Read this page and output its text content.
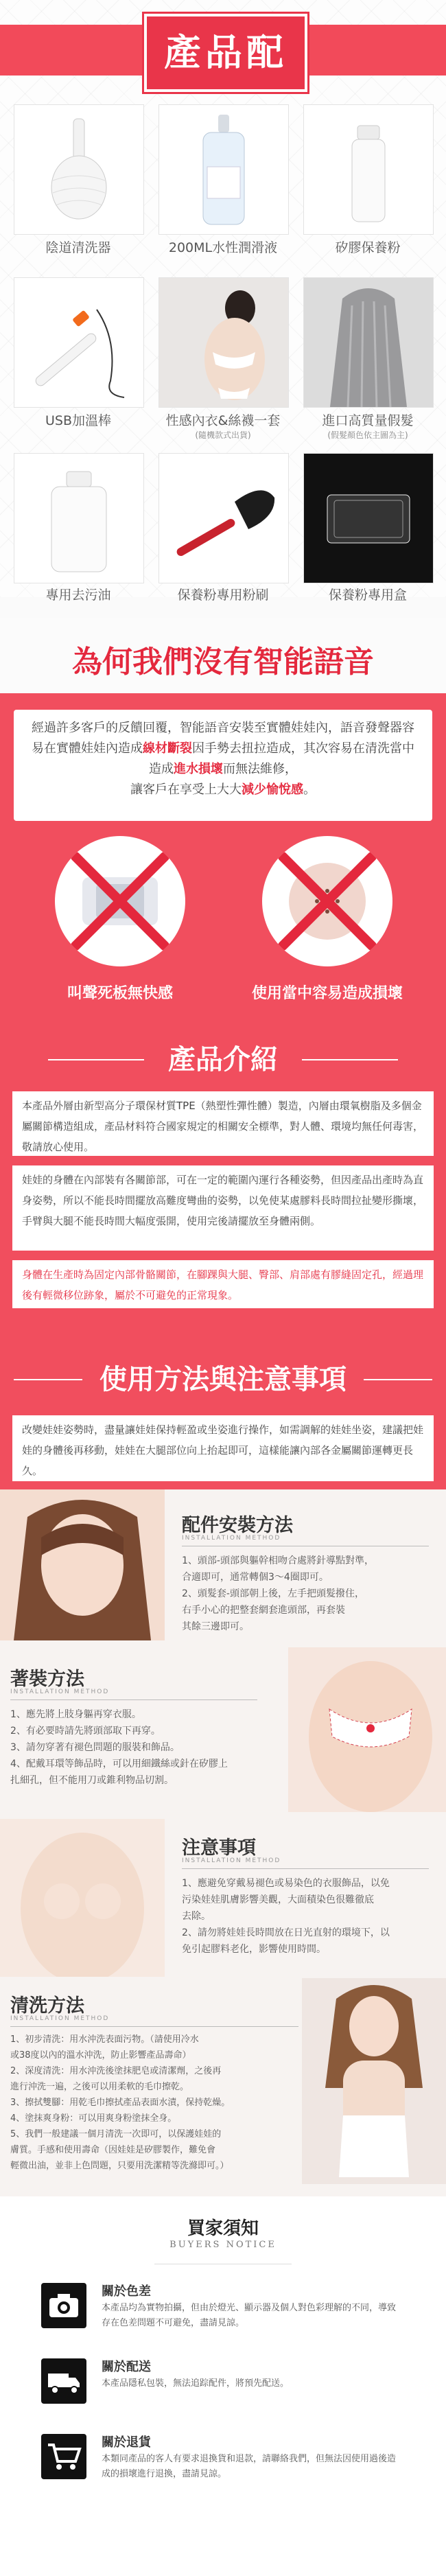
產品配
陰道清洗器	200ML水性潤滑液	矽膠保養粉
USB加溫棒	性感內衣&絲襪一套
(隨機款式出貨)
進口高質量假髮
(假髮顏色依主圖為主)
專用去污油	保養粉專用粉刷	保養粉專用盒
為何我們沒有智能語音

經過許多客戶的反饋回覆，智能語音安裝至實體娃娃內，語音發聲器容易在實體娃娃內造成線材斷裂因手勢去扭拉造成，其次容易在清洗當中造成進水損壞而無法維修，

讓客戶在享受上大大減少愉悅感。

叫聲死板無快感	使用當中容易造成損壞
產品介紹

本產品外層由新型高分子環保材質TPE（熱塑性彈性體）製造，內層由環氧樹脂及多個金屬關節構造組成，產品材料符合國家規定的相關安全標準，對人體、環境均無任何毒害，敬請放心使用。

娃娃的身體在內部裝有各關節部，可在一定的範圍內運行各種姿勢，但因產品出產時為直身姿勢，所以不能長時間擺放高難度彎曲的姿勢，以免使某處膠料長時間拉扯變形撕壞，手臂與大腿不能長時間大幅度張開，使用完後請擺放至身體兩側。

身體在生產時為固定內部骨骼關節，在腳踝與大腿、臀部、肩部處有膠縫固定孔，經過理後有輕微移位跡象，屬於不可避免的正常現象。

使用方法與注意事項

改變娃娃姿勢時，盡量讓娃娃保持輕盈或坐姿進行操作，如需調解的娃娃坐姿，建議把娃娃的身體後再移動，娃娃在大腿部位向上抬起即可，這樣能讓內部各金屬關節運轉更長久。

配件安裝方法
INSTALLATION METHOD
1、頭部-頭部與軀幹相吻合處將針導點對準，
合適即可，通常轉個3～4圈即可。
2、頭髮套-頭部朝上後，左手把頭髮撥住，
右手小心的把整套網套進頭部，再套裝
其餘三邊即可。
著裝方法
INSTALLATION METHOD
1、應先將上肢身軀再穿衣服。
2、有必要時請先將頭部取下再穿。
3、請勿穿著有褪色問題的服裝和飾品。
4、配戴耳環等飾品時，可以用細鐵絲或針在矽膠上
扎細孔，但不能用刀或錐利物品切割。
注意事項
INSTALLATION METHOD
1、應避免穿戴易褪色或易染色的衣服飾品，以免
污染娃娃肌膚影響美觀，大面積染色很難徹底
去除。
2、請勿將娃娃長時間放在日光直射的環境下，以
免引起膠料老化，影響使用時間。
清洗方法
INSTALLATION METHOD
1、初步清洗：用水沖洗表面污物。（請使用冷水
或38度以內的溫水沖洗，防止影響產品壽命）
2、深度清洗：用水沖洗後塗抹肥皂或清潔劑，之後再
進行沖洗一遍，之後可以用柔軟的毛巾擦乾。
3、擦拭雙腳：用乾毛巾擦拭產品表面水漬，保持乾燥。
4、塗抹爽身粉：可以用爽身粉塗抹全身。
5、我們一般建議一個月清洗一次即可，以保護娃娃的
膚質。手感和使用壽命（因娃娃是矽膠製作，難免會
輕微出油，並非上色問題，只要用洗潔精等洗滌即可。）
買家須知
BUYERS NOTICE
關於色差
本產品均為實物拍攝，但由於燈光、顯示器及個人對色彩理解的不同，導致存在色差問題不可避免，盡請見諒。
關於配送
本產品隱私包裝，無法追踪配件，將預先配送。
關於退貨
本類同產品的客人有要求退換貨和退款，請聯絡我們，但無法因使用過後造成的損壞進行退換，盡請見諒。
